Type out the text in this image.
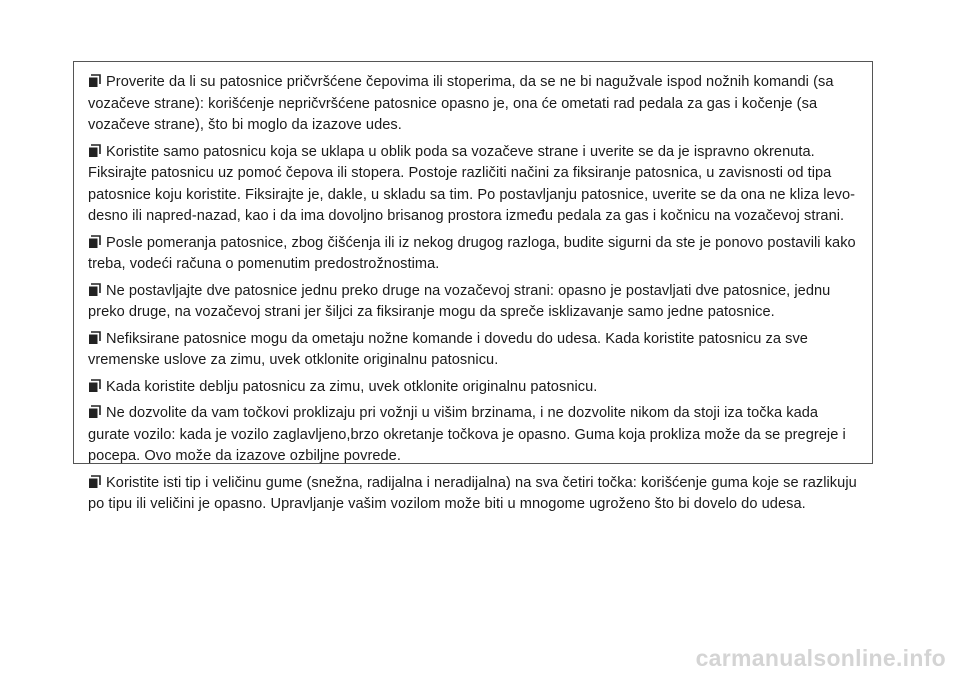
Proverite da li su patosnice pričvršćene čepovima ili stoperima, da se ne bi nagužvale ispod nožnih komandi (sa vozačeve strane): korišćenje nepričvršćene patosnice opasno je, ona će ometati rad pedala za gas i kočenje (sa vozačeve strane), što bi moglo da izazove udes.

Koristite samo patosnicu koja se uklapa u oblik poda sa vozačeve strane i uverite se da je ispravno okrenuta. Fiksirajte patosnicu uz pomoć čepova ili stopera. Postoje različiti načini za fiksiranje patosnica, u zavisnosti od tipa patosnice koju koristite. Fiksirajte je, dakle, u skladu sa tim. Po postavljanju patosnice, uverite se da ona ne kliza levo-desno ili napred-nazad, kao i da ima dovoljno brisanog prostora između pedala za gas i kočnicu na vozačevoj strani.

Posle pomeranja patosnice, zbog čišćenja ili iz nekog drugog razloga, budite sigurni da ste je ponovo postavili kako treba, vodeći računa o pomenutim predostrožnostima.

Ne postavljajte dve patosnice jednu preko druge na vozačevoj strani: opasno je postavljati dve patosnice, jednu preko druge, na vozačevoj strani jer šiljci za fiksiranje mogu da spreče isklizavanje samo jedne patosnice.

Nefiksirane patosnice mogu da ometaju nožne komande i dovedu do udesa. Kada koristite patosnicu za sve vremenske uslove za zimu, uvek otklonite originalnu patosnicu.

Kada koristite deblju patosnicu za zimu, uvek otklonite originalnu patosnicu.

Ne dozvolite da vam točkovi proklizaju pri vožnji u višim brzinama, i ne dozvolite nikom da stoji iza točka kada gurate vozilo: kada je vozilo zaglavljeno,brzo okretanje točkova je opasno. Guma koja prokliza može da se pregreje i pocepa. Ovo može da izazove ozbiljne povrede.

Koristite isti tip i veličinu gume (snežna, radijalna i neradijalna) na sva četiri točka: korišćenje guma koje se razlikuju po tipu ili veličini je opasno. Upravljanje vašim vozilom može biti u mnogome ugroženo što bi dovelo do udesa.

carmanualsonline.info
